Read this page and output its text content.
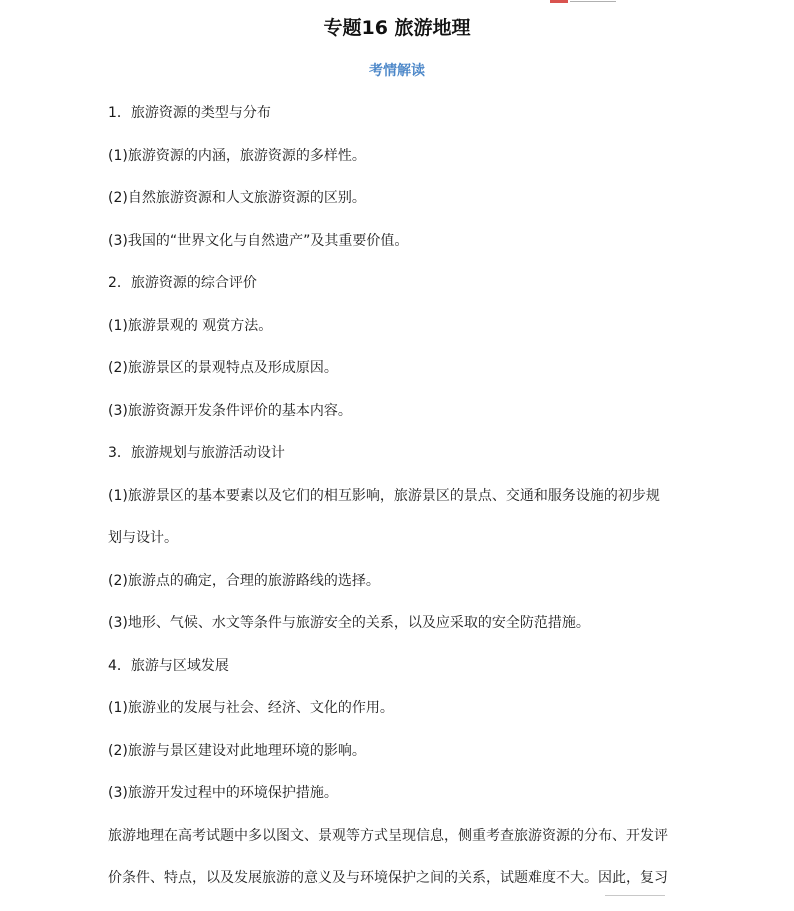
专题16 旅游地理
考情解读
1．旅游资源的类型与分布
(1)旅游资源的内涵，旅游资源的多样性。
(2)自然旅游资源和人文旅游资源的区别。
(3)我国的“世界文化与自然遗产”及其重要价值。
2．旅游资源的综合评价
(1)旅游景观的 观赏方法。
(2)旅游景区的景观特点及形成原因。
(3)旅游资源开发条件评价的基本内容。
3．旅游规划与旅游活动设计
(1)旅游景区的基本要素以及它们的相互影响，旅游景区的景点、交通和服务设施的初步规
划与设计。
(2)旅游点的确定，合理的旅游路线的选择。
(3)地形、气候、水文等条件与旅游安全的关系，以及应采取的安全防范措施。
4．旅游与区域发展
(1)旅游业的发展与社会、经济、文化的作用。
(2)旅游与景区建设对此地理环境的影响。
(3)旅游开发过程中的环境保护措施。
旅游地理在高考试题中多以图文、景观等方式呈现信息，侧重考查旅游资源的分布、开发评
价条件、特点，以及发展旅游的意义及与环境保护之间的关系，试题难度不大。因此，复习
